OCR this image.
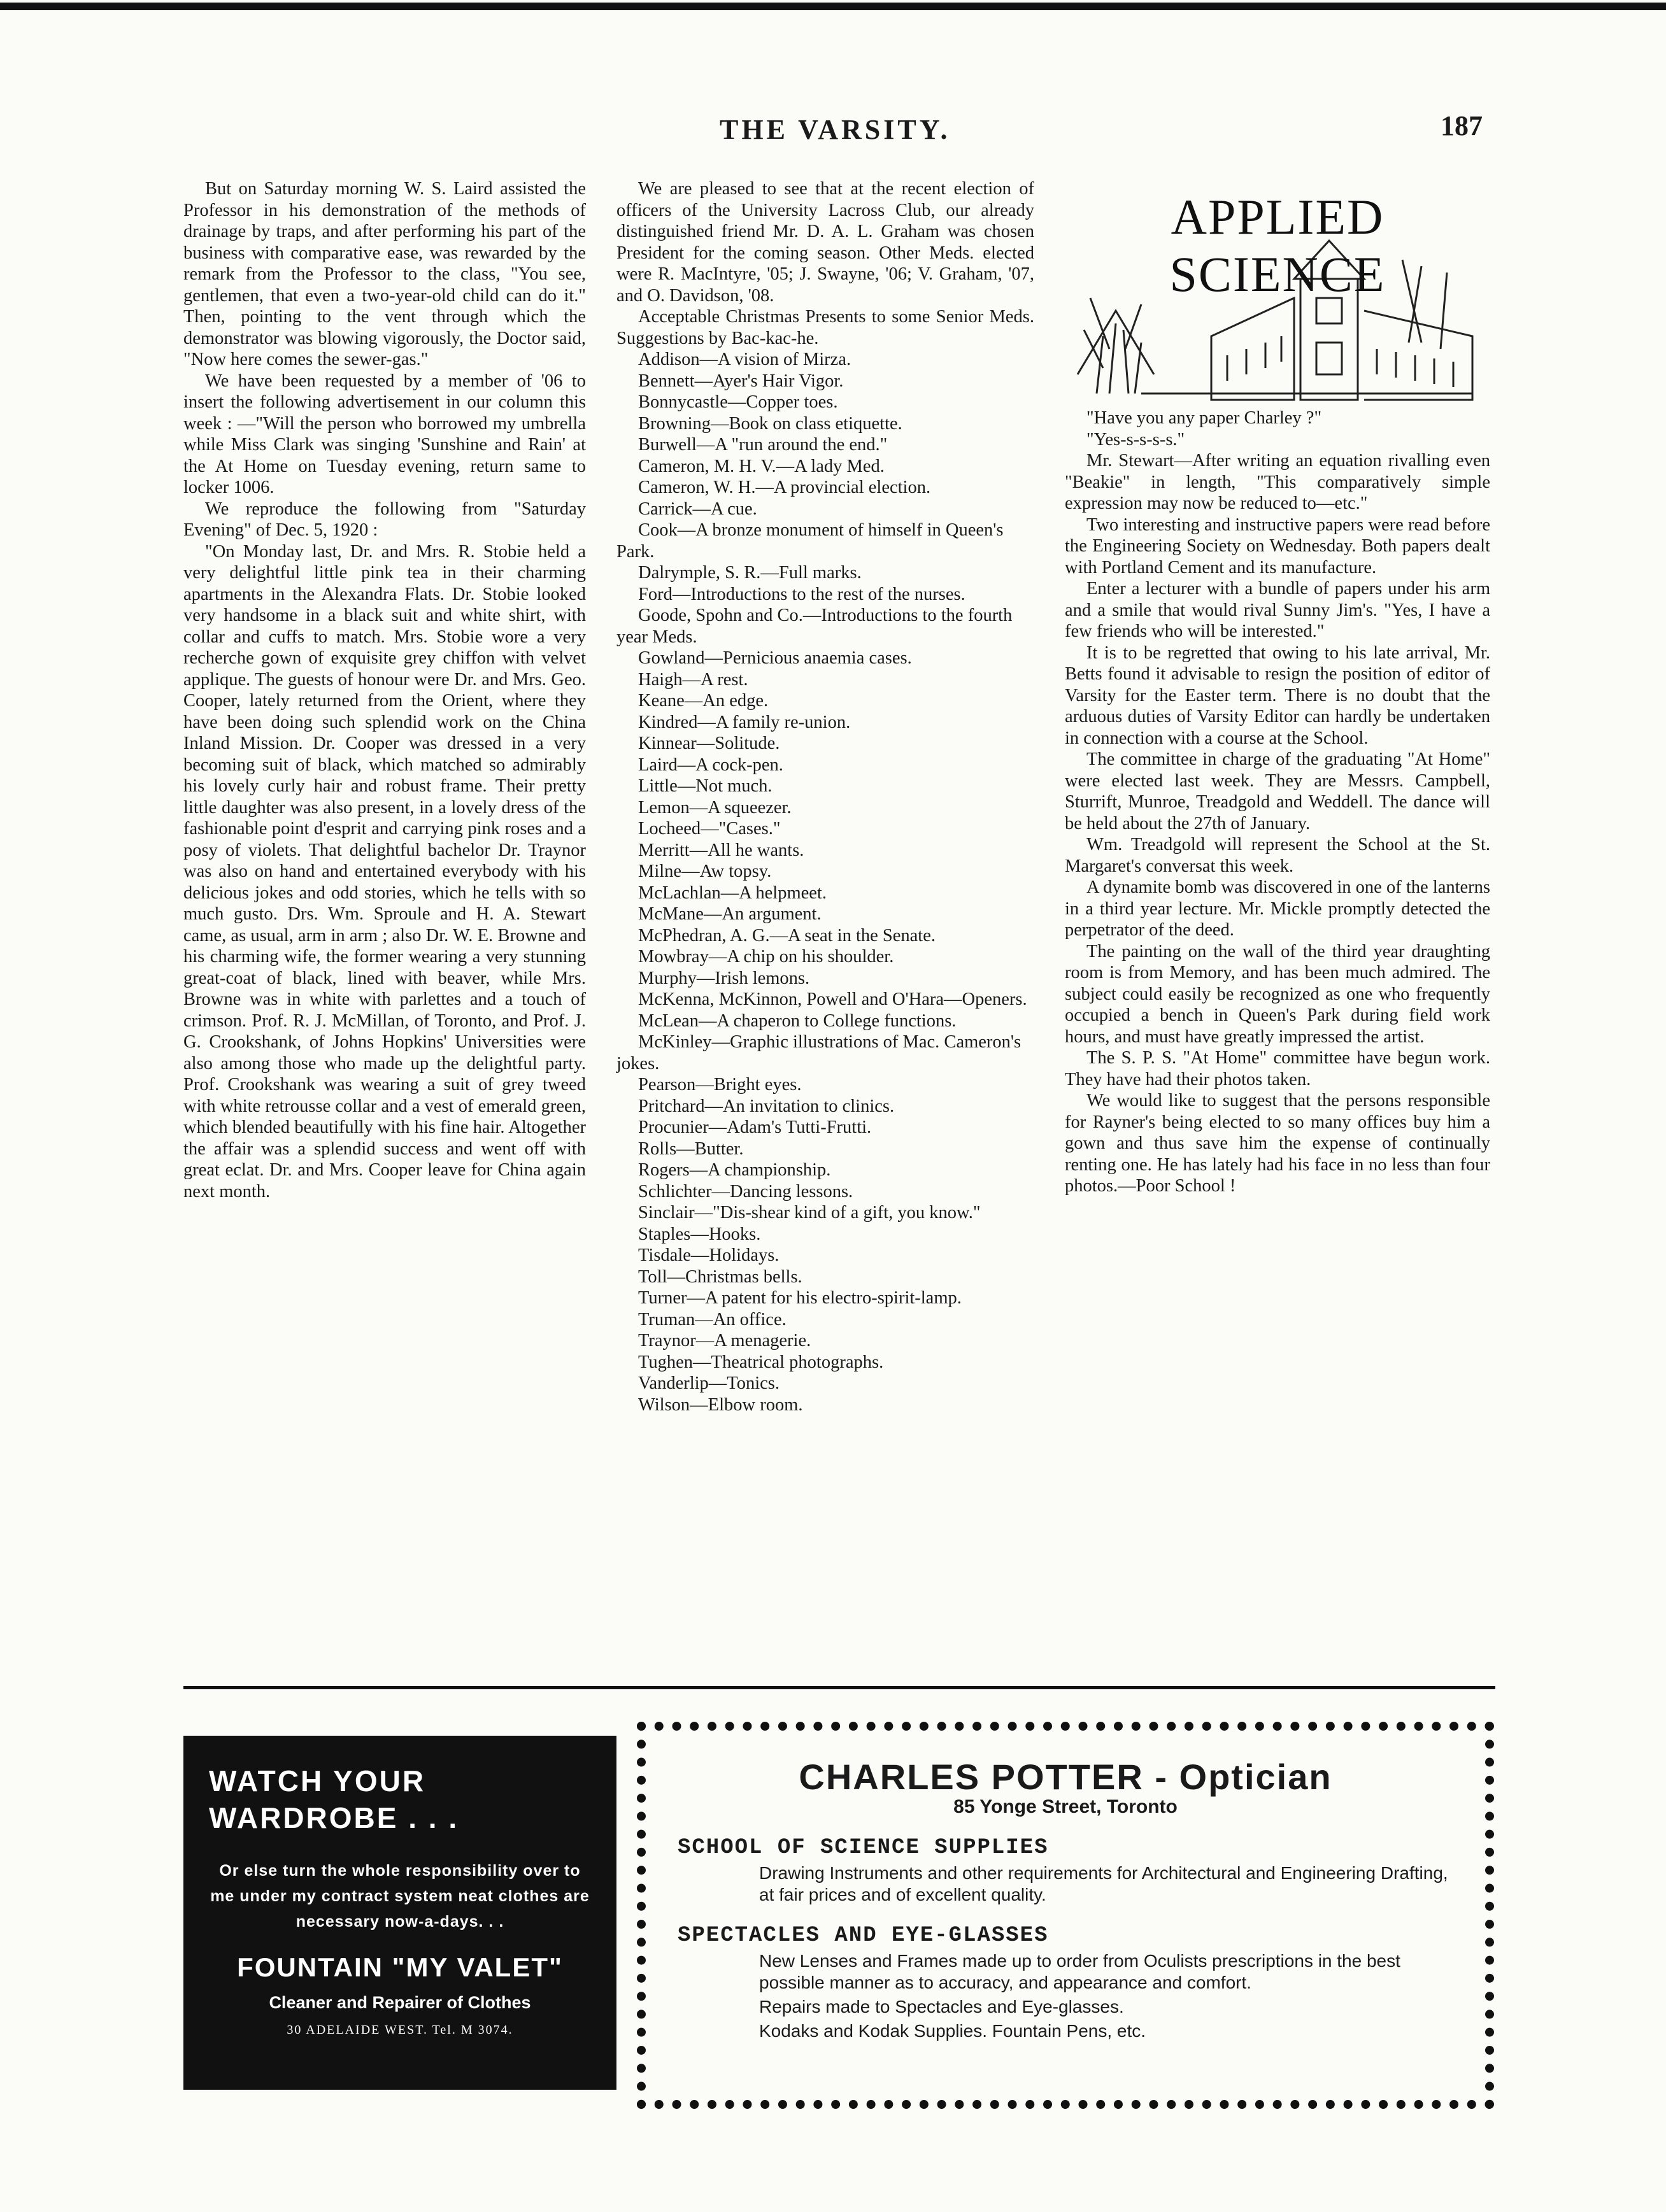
THE VARSITY.	187

But on Saturday morning W. S. Laird assisted the Professor in his demonstration of the methods of drainage by traps, and after performing his part of the business with comparative ease, was rewarded by the remark from the Professor to the class, "You see, gentlemen, that even a two-year-old child can do it." Then, pointing to the vent through which the demonstrator was blowing vigorously, the Doctor said, "Now here comes the sewer-gas."

We have been requested by a member of '06 to insert the following advertisement in our column this week : —"Will the person who borrowed my umbrella while Miss Clark was singing 'Sunshine and Rain' at the At Home on Tuesday evening, return same to locker 1006.

We reproduce the following from "Saturday Evening" of Dec. 5, 1920 :

"On Monday last, Dr. and Mrs. R. Stobie held a very delightful little pink tea in their charming apartments in the Alexandra Flats. Dr. Stobie looked very handsome in a black suit and white shirt, with collar and cuffs to match. Mrs. Stobie wore a very recherche gown of exquisite grey chiffon with velvet applique. The guests of honour were Dr. and Mrs. Geo. Cooper, lately returned from the Orient, where they have been doing such splendid work on the China Inland Mission. Dr. Cooper was dressed in a very becoming suit of black, which matched so admirably his lovely curly hair and robust frame. Their pretty little daughter was also present, in a lovely dress of the fashionable point d'esprit and carrying pink roses and a posy of violets. That delightful bachelor Dr. Traynor was also on hand and entertained everybody with his delicious jokes and odd stories, which he tells with so much gusto. Drs. Wm. Sproule and H. A. Stewart came, as usual, arm in arm ; also Dr. W. E. Browne and his charming wife, the former wearing a very stunning great-coat of black, lined with beaver, while Mrs. Browne was in white with parlettes and a touch of crimson. Prof. R. J. McMillan, of Toronto, and Prof. J. G. Crookshank, of Johns Hopkins' Universities were also among those who made up the delightful party. Prof. Crookshank was wearing a suit of grey tweed with white retrousse collar and a vest of emerald green, which blended beautifully with his fine hair. Altogether the affair was a splendid success and went off with great eclat. Dr. and Mrs. Cooper leave for China again next month.

We are pleased to see that at the recent election of officers of the University Lacross Club, our already distinguished friend Mr. D. A. L. Graham was chosen President for the coming season. Other Meds. elected were R. MacIntyre, '05; J. Swayne, '06; V. Graham, '07, and O. Davidson, '08.

Acceptable Christmas Presents to some Senior Meds. Suggestions by Bac-kac-he.

Addison—A vision of Mirza.

Bennett—Ayer's Hair Vigor.

Bonnycastle—Copper toes.

Browning—Book on class etiquette.

Burwell—A "run around the end."

Cameron, M. H. V.—A lady Med.

Cameron, W. H.—A provincial election.

Carrick—A cue.

Cook—A bronze monument of himself in Queen's Park.

Dalrymple, S. R.—Full marks.

Ford—Introductions to the rest of the nurses.

Goode, Spohn and Co.—Introductions to the fourth year Meds.

Gowland—Pernicious anaemia cases.

Haigh—A rest.

Keane—An edge.

Kindred—A family re-union.

Kinnear—Solitude.

Laird—A cock-pen.

Little—Not much.

Lemon—A squeezer.

Locheed—"Cases."

Merritt—All he wants.

Milne—Aw topsy.

McLachlan—A helpmeet.

McMane—An argument.

McPhedran, A. G.—A seat in the Senate.

Mowbray—A chip on his shoulder.

Murphy—Irish lemons.

McKenna, McKinnon, Powell and O'Hara—Openers.

McLean—A chaperon to College functions.

McKinley—Graphic illustrations of Mac. Cameron's jokes.

Pearson—Bright eyes.

Pritchard—An invitation to clinics.

Procunier—Adam's Tutti-Frutti.

Rolls—Butter.

Rogers—A championship.

Schlichter—Dancing lessons.

Sinclair—"Dis-shear kind of a gift, you know."

Staples—Hooks.

Tisdale—Holidays.

Toll—Christmas bells.

Turner—A patent for his electro-spirit-lamp.

Truman—An office.

Traynor—A menagerie.

Tughen—Theatrical photographs.

Vanderlip—Tonics.

Wilson—Elbow room.

APPLIED SCIENCE

"Have you any paper Charley ?"

"Yes-s-s-s-s."

Mr. Stewart—After writing an equation rivalling even "Beakie" in length, "This comparatively simple expression may now be reduced to—etc."

Two interesting and instructive papers were read before the Engineering Society on Wednesday. Both papers dealt with Portland Cement and its manufacture.

Enter a lecturer with a bundle of papers under his arm and a smile that would rival Sunny Jim's. "Yes, I have a few friends who will be interested."

It is to be regretted that owing to his late arrival, Mr. Betts found it advisable to resign the position of editor of Varsity for the Easter term. There is no doubt that the arduous duties of Varsity Editor can hardly be undertaken in connection with a course at the School.

The committee in charge of the graduating "At Home" were elected last week. They are Messrs. Campbell, Sturrift, Munroe, Treadgold and Weddell. The dance will be held about the 27th of January.

Wm. Treadgold will represent the School at the St. Margaret's conversat this week.

A dynamite bomb was discovered in one of the lanterns in a third year lecture. Mr. Mickle promptly detected the perpetrator of the deed.

The painting on the wall of the third year draughting room is from Memory, and has been much admired. The subject could easily be recognized as one who frequently occupied a bench in Queen's Park during field work hours, and must have greatly impressed the artist.

The S. P. S. "At Home" committee have begun work. They have had their photos taken.

We would like to suggest that the persons responsible for Rayner's being elected to so many offices buy him a gown and thus save him the expense of continually renting one. He has lately had his face in no less than four photos.—Poor School !

WATCH YOUR
WARDROBE . . .
Or else turn the whole responsibility over to me under my contract system neat clothes are necessary now-a-days. . .
FOUNTAIN "MY VALET"
Cleaner and Repairer of Clothes
30 ADELAIDE WEST. Tel. M 3074.
CHARLES POTTER - Optician
85 Yonge Street, Toronto
SCHOOL OF SCIENCE SUPPLIES
Drawing Instruments and other requirements for Architectural and Engineering Drafting, at fair prices and of excellent quality.
SPECTACLES AND EYE-GLASSES
New Lenses and Frames made up to order from Oculists prescriptions in the best possible manner as to accuracy, and appearance and comfort.
Repairs made to Spectacles and Eye-glasses.
Kodaks and Kodak Supplies. Fountain Pens, etc.
